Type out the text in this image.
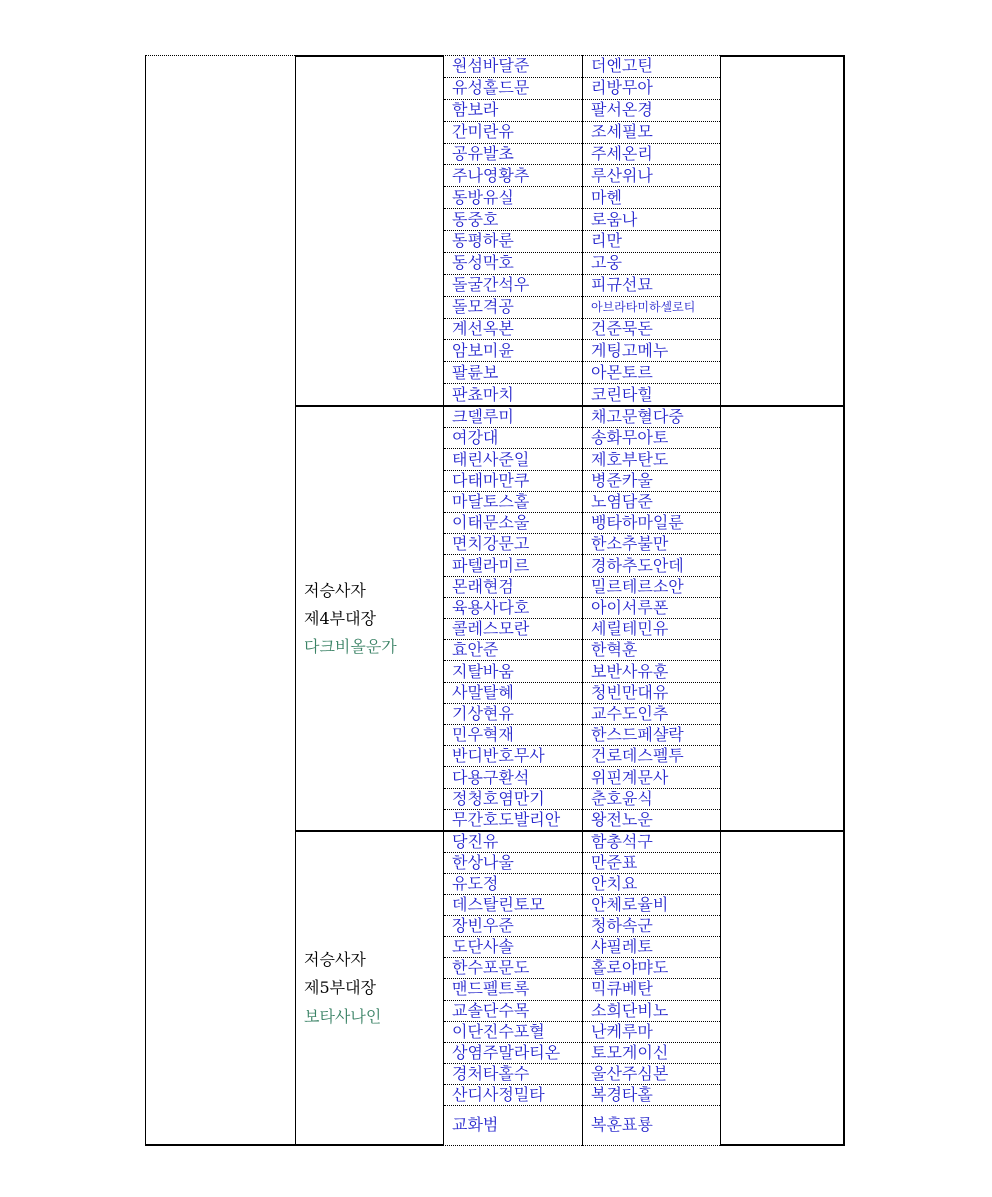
원섬바달준
유성홀드문
함보라
간미란유
공유발초
주나영황추
동방유실
동중호
동평하룬
동성막호
돌굴간석우
돌모격공
계선옥본
암보미윤
팔륜보
판쵸마치
더엔고틴
리방무아
팔서온경
조세필모
주세온리
루산위나
마헨
로움나
리만
고웅
피규선묘
아브라타미하셀로티
건준묵돈
게팅고메누
아몬토르
코린타힐
저승사자
제4부대장
다크비올운가
크델루미
여강대
태린사준일
다태마만쿠
마달토스홀
이태문소울
면치강문고
파텔라미르
몬래현검
육용사다호
콜레스모란
효안준
지탈바움
사말탈혜
기상현유
민우혁재
반디반호무사
다용구환석
정청호염만기
무간호도발리안
채고문혈다중
송화무아토
제호부탄도
병준카울
노염담준
뱅타하마일룬
한소추불만
경하추도안데
밀르테르소안
아이서루폰
세릴테민유
한혁훈
보반사유훈
청빈만대유
교수도인추
한스드페샬락
건로데스펠투
위핀계문사
춘호윤식
왕전노운
저승사자
제5부대장
보타사나인
당진유
한상나울
유도정
데스탈린토모
장빈우준
도단사솔
한수포문도
맨드펠트록
교솔단수목
이단진수포혈
상염주말라티온
경처타홀수
산디사정밀타
교화범
함총석구
만준표
안치요
안체로율비
청하속군
샤필레토
홀로야먀도
믹큐베탄
소희단비노
난케루마
토모게이신
울산주심본
복경타홀
복훈표룡
